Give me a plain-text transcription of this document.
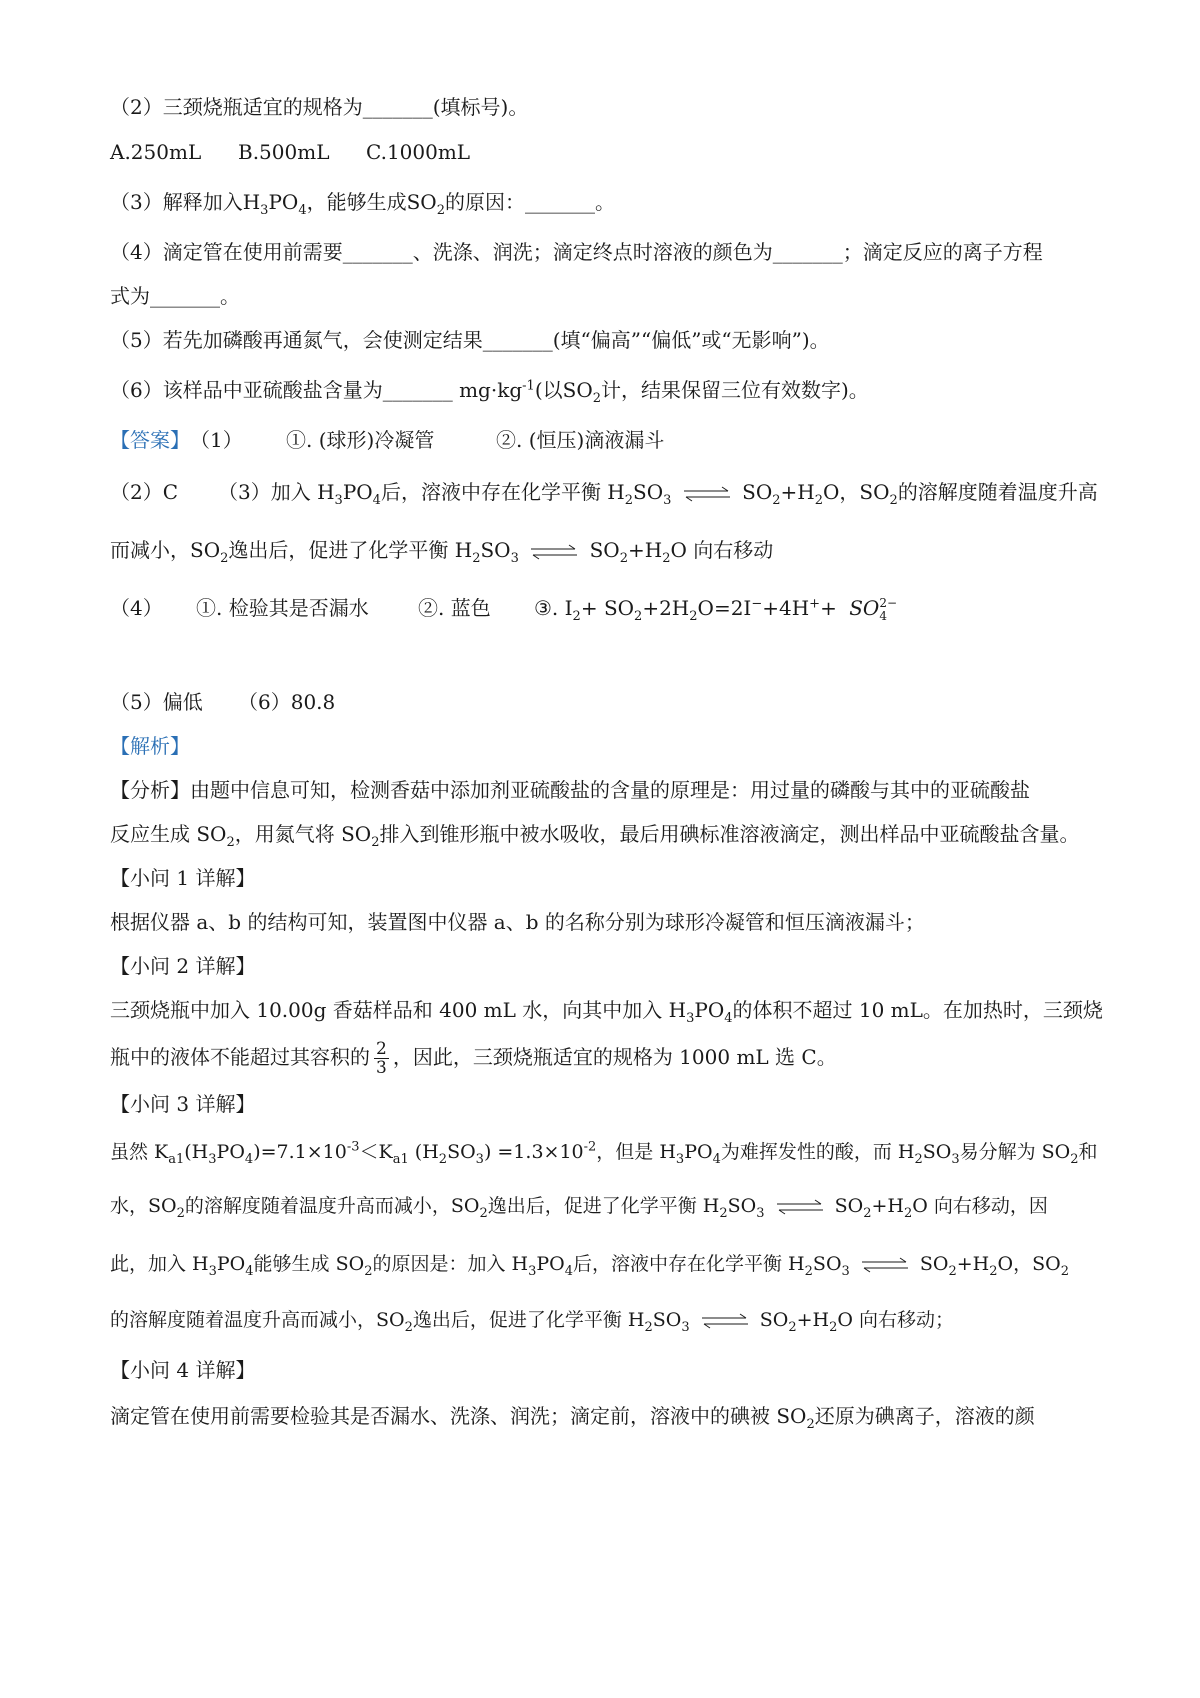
（2）三颈烧瓶适宜的规格为_______(填标号)。
A.250mL B.500mL C.1000mL
（3）解释加入$H_3PO_4$，能够生成$SO_2$的原因：_______。
（4）滴定管在使用前需要_______、洗涤、润洗；滴定终点时溶液的颜色为_______；滴定反应的离子方程
式为_______。
（5）若先加磷酸再通氮气，会使测定结果_______(填“偏高”“偏低”或“无影响”)。
（6）该样品中亚硫酸盐含量为_______ $mg\cdot kg^{-1}$(以$SO_2$计，结果保留三位有效数字)。
【答案】（1） ①. (球形)冷凝管	②. (恒压)滴液漏斗
（2）C （3）加入 $H_3PO_4$后，溶液中存在化学平衡 $H_2SO_3$ ⇌ $SO_2+H_2O$，$SO_2$的溶解度随着温度升高
而减小，$SO_2$逸出后，促进了化学平衡 $H_2SO_3$ ⇌ $SO_2+H_2O$ 向右移动
（4） ①. 检验其是否漏水 ②. 蓝色 ③. $I_2+ SO_2+2H_2O=2I^-+4H^++$ SO 2−
4
（5）偏低 （6）80.8
【解析】
【分析】由题中信息可知，检测香菇中添加剂亚硫酸盐的含量的原理是：用过量的磷酸与其中的亚硫酸盐
反应生成 $SO_2$，用氮气将 $SO_2$排入到锥形瓶中被水吸收，最后用碘标准溶液滴定，测出样品中亚硫酸盐含量。
【小问 1 详解】
根据仪器 a、b 的结构可知，装置图中仪器 a、b 的名称分别为球形冷凝管和恒压滴液漏斗；
【小问 2 详解】
三颈烧瓶中加入 10.00g 香菇样品和 400 mL 水，向其中加入 $H_3PO_4$的体积不超过 10 mL。在加热时，三颈烧
瓶中的液体不能超过其容积的 $\frac{2}{3}$ ，因此，三颈烧瓶适宜的规格为 1000 mL 选 C。
【小问 3 详解】
虽然 $K_{a1}(H_3PO_4)=7.1\times 10^{-3}<K_{a1}$ $(H_2SO_3) =1.3\times 10^{-2}$，但是 $H_3PO_4$为难挥发性的酸，而 $H_2SO_3$易分解为 $SO_2$和
水，$SO_2$的溶解度随着温度升高而减小，$SO_2$逸出后，促进了化学平衡 $H_2SO_3$ ⇌ $SO_2+H_2O$ 向右移动，因
此，加入 $H_3PO_4$能够生成 $SO_2$的原因是：加入 $H_3PO_4$后，溶液中存在化学平衡 $H_2SO_3$ ⇌ $SO_2+H_2O$，$SO_2$
的溶解度随着温度升高而减小，$SO_2$逸出后，促进了化学平衡 $H_2SO_3$ ⇌ $SO_2+H_2O$ 向右移动；
【小问 4 详解】
滴定管在使用前需要检验其是否漏水、洗涤、润洗；滴定前，溶液中的碘被 $SO_2$还原为碘离子，溶液的颜
